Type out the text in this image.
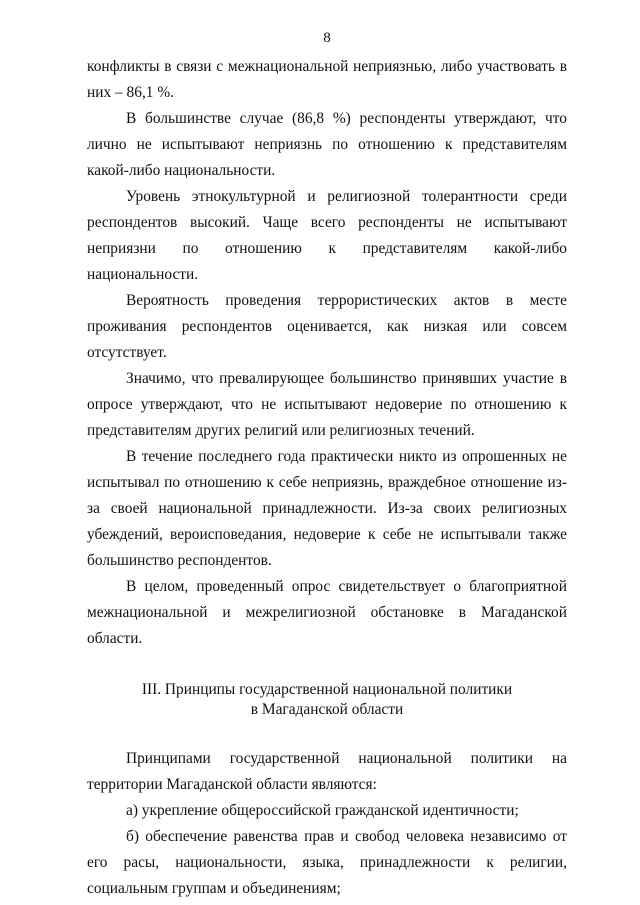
8

конфликты в связи с межнациональной неприязнью, либо участвовать в них – 86,1 %.

В большинстве случае (86,8 %) респонденты утверждают, что лично не испытывают неприязнь по отношению к представителям какой-либо национальности.

Уровень этнокультурной и религиозной толерантности среди респондентов высокий. Чаще всего респонденты не испытывают неприязни по отношению к представителям какой-либо национальности.

Вероятность проведения террористических актов в месте проживания респондентов оценивается, как низкая или совсем отсутствует.

Значимо, что превалирующее большинство принявших участие в опросе утверждают, что не испытывают недоверие по отношению к представителям других религий или религиозных течений.

В течение последнего года практически никто из опрошенных не испытывал по отношению к себе неприязнь, враждебное отношение из-за своей национальной принадлежности. Из-за своих религиозных убеждений, вероисповедания, недоверие к себе не испытывали также большинство респондентов.

В целом, проведенный опрос свидетельствует о благоприятной межнациональной и межрелигиозной обстановке в Магаданской области.

III. Принципы государственной национальной политики
в Магаданской области

Принципами государственной национальной политики на территории Магаданской области являются:

а) укрепление общероссийской гражданской идентичности;

б) обеспечение равенства прав и свобод человека независимо от его расы, национальности, языка, принадлежности к религии, социальным группам и объединениям;
